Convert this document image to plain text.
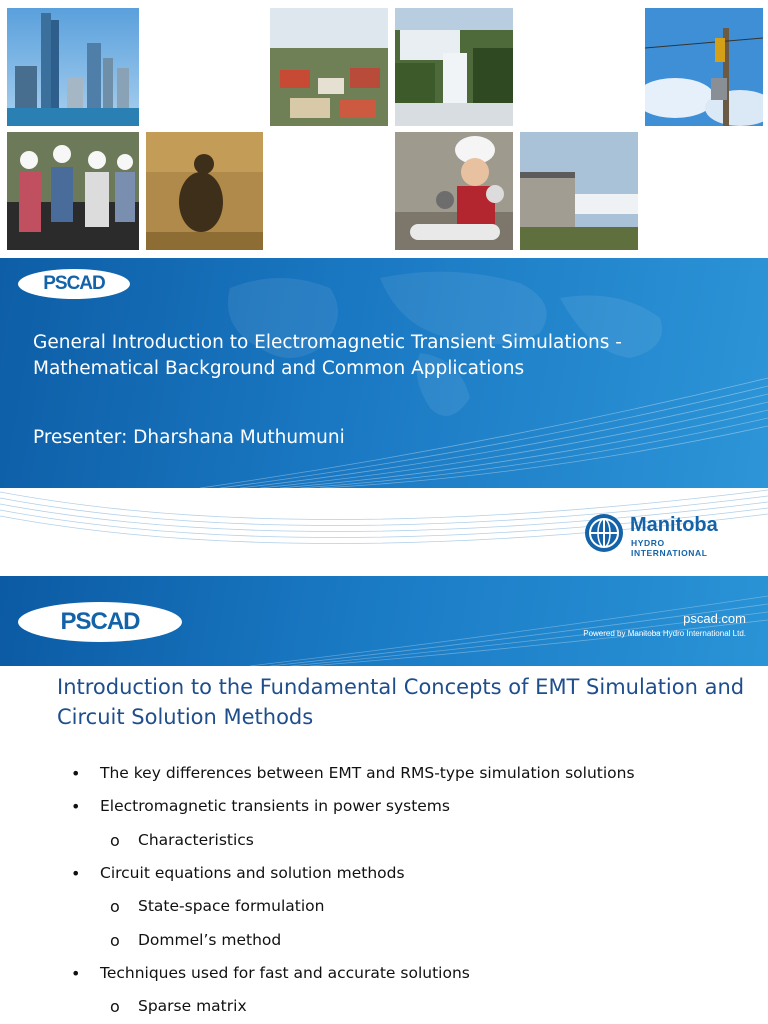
PSCAD
General Introduction to Electromagnetic Transient Simulations - Mathematical Background and Common Applications
Presenter: Dharshana Muthumuni
Manitoba
HYDRO INTERNATIONAL
PSCAD	pscad.com
Powered by Manitoba Hydro International Ltd.
Introduction to the Fundamental Concepts of EMT Simulation and Circuit Solution Methods
• The key differences between EMT and RMS-type simulation solutions
• Electromagnetic transients in power systems
o Characteristics
• Circuit equations and solution methods
o State-space formulation
o Dommel’s method
• Techniques used for fast and accurate solutions
o Sparse matrix
